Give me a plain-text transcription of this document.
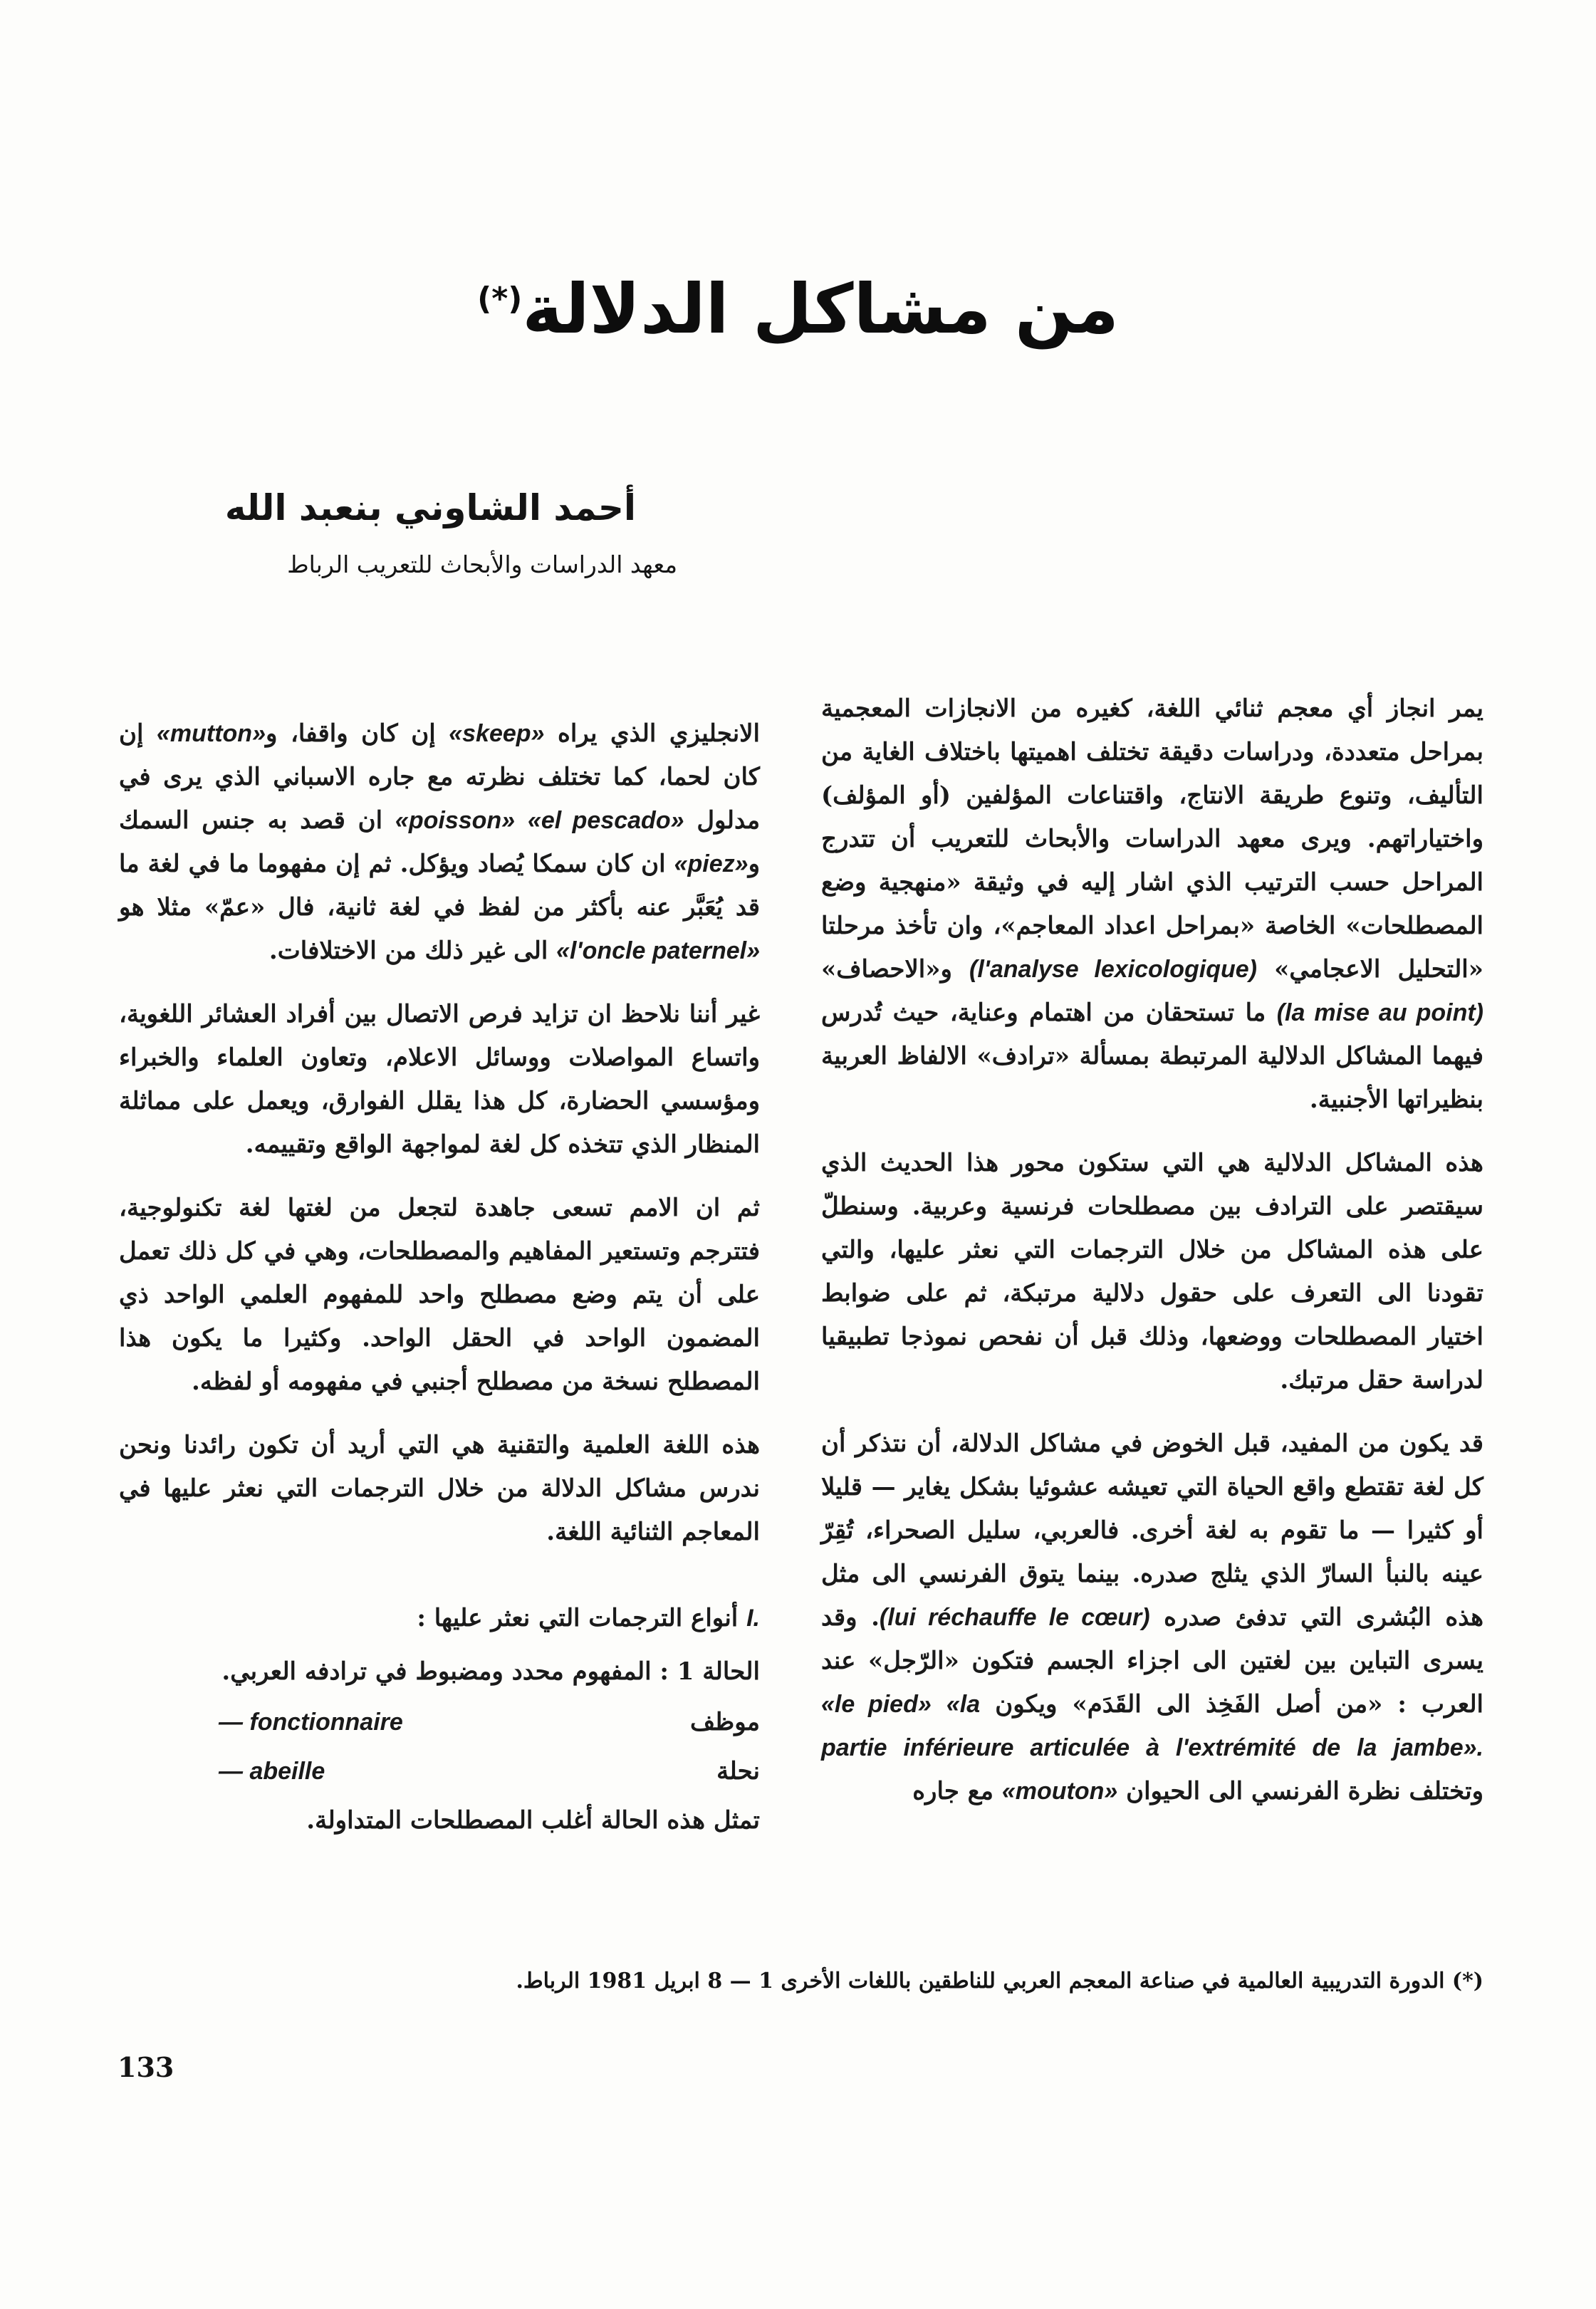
من مشاكل الدلالة(*)
أحمد الشاوني بنعبد الله
معهد الدراسات والأبحاث للتعريب الرباط

يمر انجاز أي معجم ثنائي اللغة، كغيره من الانجازات المعجمية بمراحل متعددة، ودراسات دقيقة تختلف اهميتها باختلاف الغاية من التأليف، وتنوع طريقة الانتاج، واقتناعات المؤلفين (أو المؤلف) واختياراتهم. ويرى معهد الدراسات والأبحاث للتعريب أن تتدرج المراحل حسب الترتيب الذي اشار إليه في وثيقة «منهجية وضع المصطلحات» الخاصة «بمراحل اعداد المعاجم»، وان تأخذ مرحلتا «التحليل الاعجامي» (l'analyse lexicologique) و«الاحصاف» (la mise au point) ما تستحقان من اهتمام وعناية، حيث تُدرس فيهما المشاكل الدلالية المرتبطة بمسألة «ترادف» الالفاظ العربية بنظيراتها الأجنبية.

هذه المشاكل الدلالية هي التي ستكون محور هذا الحديث الذي سيقتصر على الترادف بين مصطلحات فرنسية وعربية. وسنطلّ على هذه المشاكل من خلال الترجمات التي نعثر عليها، والتي تقودنا الى التعرف على حقول دلالية مرتبكة، ثم على ضوابط اختيار المصطلحات ووضعها، وذلك قبل أن نفحص نموذجا تطبيقيا لدراسة حقل مرتبك.

قد يكون من المفيد، قبل الخوض في مشاكل الدلالة، أن نتذكر أن كل لغة تقتطع واقع الحياة التي تعيشه عشوئيا بشكل يغاير — قليلا أو كثيرا — ما تقوم به لغة أخرى. فالعربي، سليل الصحراء، تُقِرّ عينه بالنبأ السارّ الذي يثلج صدره. بينما يتوق الفرنسي الى مثل هذه البُشرى التي تدفئ صدره (lui réchauffe le cœur). وقد يسرى التباين بين لغتين الى اجزاء الجسم فتكون «الرّجل» عند العرب : «من أصل الفَخِذ الى القَدَم» ويكون «le pied» «la partie inférieure articulée à l'extrémité de la jambe». وتختلف نظرة الفرنسي الى الحيوان «mouton» مع جاره

الانجليزي الذي يراه «skeep» إن كان واقفا، و«mutton» إن كان لحما، كما تختلف نظرته مع جاره الاسباني الذي يرى في مدلول «poisson» «el pescado» ان قصد به جنس السمك و«piez» ان كان سمكا يُصاد ويؤكل. ثم إن مفهوما ما في لغة ما قد يُعَبَّر عنه بأكثر من لفظ في لغة ثانية، فال «عمّ» مثلا هو «l'oncle paternel» الى غير ذلك من الاختلافات.

غير أننا نلاحظ ان تزايد فرص الاتصال بين أفراد العشائر اللغوية، واتساع المواصلات ووسائل الاعلام، وتعاون العلماء والخبراء ومؤسسي الحضارة، كل هذا يقلل الفوارق، ويعمل على مماثلة المنظار الذي تتخذه كل لغة لمواجهة الواقع وتقييمه.

ثم ان الامم تسعى جاهدة لتجعل من لغتها لغة تكنولوجية، فتترجم وتستعير المفاهيم والمصطلحات، وهي في كل ذلك تعمل على أن يتم وضع مصطلح واحد للمفهوم العلمي الواحد ذي المضمون الواحد في الحقل الواحد. وكثيرا ما يكون هذا المصطلح نسخة من مصطلح أجنبي في مفهومه أو لفظه.

هذه اللغة العلمية والتقنية هي التي أريد أن تكون رائدنا ونحن ندرس مشاكل الدلالة من خلال الترجمات التي نعثر عليها في المعاجم الثنائية اللغة.

I. أنواع الترجمات التي نعثر عليها :
الحالة 1 : المفهوم محدد ومضبوط في ترادفه العربي.
موظف
— fonctionnaire
نحلة
— abeille
تمثل هذه الحالة أغلب المصطلحات المتداولة.
(*) الدورة التدريبية العالمية في صناعة المعجم العربي للناطقين باللغات الأخرى 1 — 8 ابريل 1981 الرباط.
133
